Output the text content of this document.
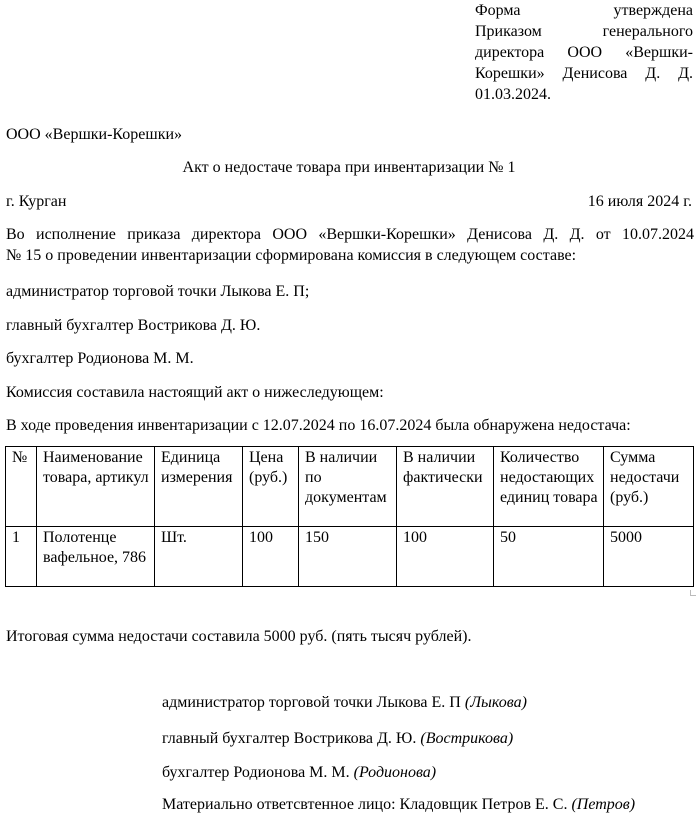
Форма утверждена
Приказом генерального
директора ООО «Вершки-
Корешки» Денисова Д. Д.
01.03.2024.
ООО «Вершки-Корешки»
Акт о недостаче товара при инвентаризации № 1
г. Курган	16 июля 2024 г.
Во исполнение приказа директора ООО «Вершки-Корешки» Денисова Д. Д. от 10.07.2024
№ 15 о проведении инвентаризации сформирована комиссия в следующем составе:
администратор торговой точки Лыкова Е. П;
главный бухгалтер Вострикова Д. Ю.
бухгалтер Родионова М. М.
Комиссия составила настоящий акт о нижеследующем:
В ходе проведения инвентаризации с 12.07.2024 по 16.07.2024 была обнаружена недостача:
№	Наименование товара, артикул	Единица измерения	Цена (руб.)	В наличии по документам	В наличии фактически	Количество недостающих единиц товара	Сумма недостачи (руб.)
1	Полотенце вафельное, 786	Шт.	100	150	100	50	5000
Итоговая сумма недостачи составила 5000 руб. (пять тысяч рублей).
администратор торговой точки Лыкова Е. П (Лыкова)
главный бухгалтер Вострикова Д. Ю. (Вострикова)
бухгалтер Родионова М. М. (Родионова)
Материально ответсвтенное лицо: Кладовщик Петров Е. С. (Петров)
